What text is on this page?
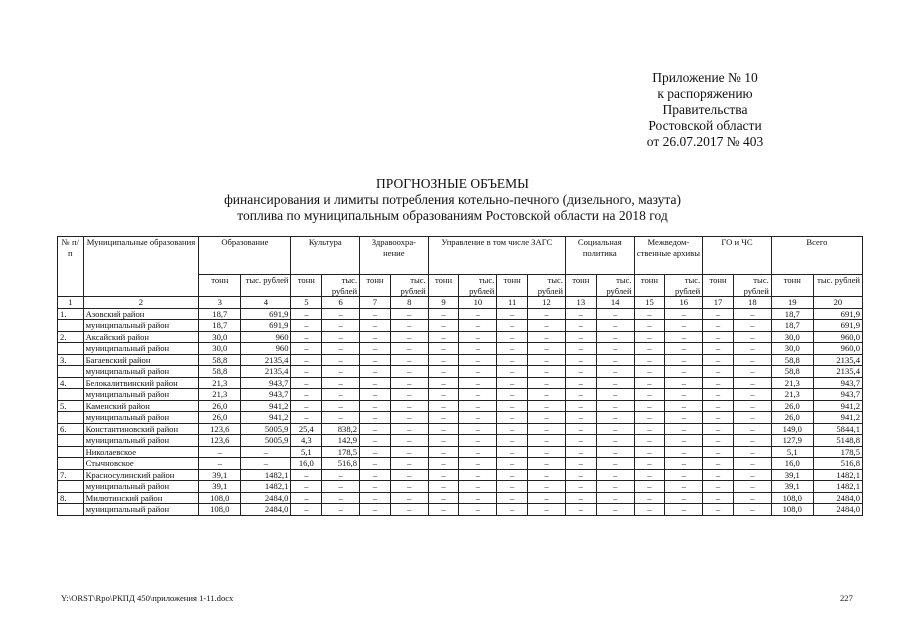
Приложение № 10
к распоряжению
Правительства
Ростовской области
от 26.07.2017 № 403
ПРОГНОЗНЫЕ ОБЪЕМЫ
финансирования и лимиты потребления котельно-печного (дизельного, мазута)
топлива по муниципальным образованиям Ростовской области на 2018 год
№ п/п	Муниципальные образования	Образование		Культура		Здравоохра-нение		Управление в том числе ЗАГС				Социальная политика		Межведом-ственные архивы		ГО и ЧС		Всего	
		тонн	тыс. рублей	тонн	тыс. рублей	тонн	тыс. рублей	тонн	тыс. рублей	тонн	тыс. рублей	тонн	тыс. рублей	тонн	тыс. рублей	тонн	тыс. рублей	тонн	тыс. рублей
1	2	3	4	5	6	7	8	9	10	11	12	13	14	15	16	17	18	19	20
1.	Азовский район	18,7	691,9	–	–	–	–	–	–	–	–	–	–	–	–	–	–	18,7	691,9
	муниципальный район	18,7	691,9	–	–	–	–	–	–	–	–	–	–	–	–	–	–	18,7	691,9
2.	Аксайский район	30,0	960	–	–	–	–	–	–	–	–	–	–	–	–	–	–	30,0	960,0
	муниципальный район	30,0	960	–	–	–	–	–	–	–	–	–	–	–	–	–	–	30,0	960,0
3.	Багаевский район	58,8	2135,4	–	–	–	–	–	–	–	–	–	–	–	–	–	–	58,8	2135,4
	муниципальный район	58,8	2135,4	–	–	–	–	–	–	–	–	–	–	–	–	–	–	58,8	2135,4
4.	Белокалитвинский район	21,3	943,7	–	–	–	–	–	–	–	–	–	–	–	–	–	–	21,3	943,7
	муниципальный район	21,3	943,7	–	–	–	–	–	–	–	–	–	–	–	–	–	–	21,3	943,7
5.	Каменский район	26,0	941,2	–	–	–	–	–	–	–	–	–	–	–	–	–	–	26,0	941,2
	муниципальный район	26,0	941,2	–	–	–	–	–	–	–	–	–	–	–	–	–	–	26,0	941,2
6.	Константиновский район	123,6	5005,9	25,4	838,2	–	–	–	–	–	–	–	–	–	–	–	–	149,0	5844,1
	муниципальный район	123,6	5005,9	4,3	142,9	–	–	–	–	–	–	–	–	–	–	–	–	127,9	5148,8
	Николаевское	–	–	5,1	178,5	–	–	–	–	–	–	–	–	–	–	–	–	5,1	178,5
	Стычновское	–	–	16,0	516,8	–	–	–	–	–	–	–	–	–	–	–	–	16,0	516,8
7.	Красносулинский район	39,1	1482,1	–	–	–	–	–	–	–	–	–	–	–	–	–	–	39,1	1482,1
	муниципальный район	39,1	1482,1	–	–	–	–	–	–	–	–	–	–	–	–	–	–	39,1	1482,1
8.	Милютинский район	108,0	2484,0	–	–	–	–	–	–	–	–	–	–	–	–	–	–	108,0	2484,0
	муниципальный район	108,0	2484,0	–	–	–	–	–	–	–	–	–	–	–	–	–	–	108,0	2484,0
Y:\ORST\Rpo\РКПД 450\приложения 1-11.docx	227
